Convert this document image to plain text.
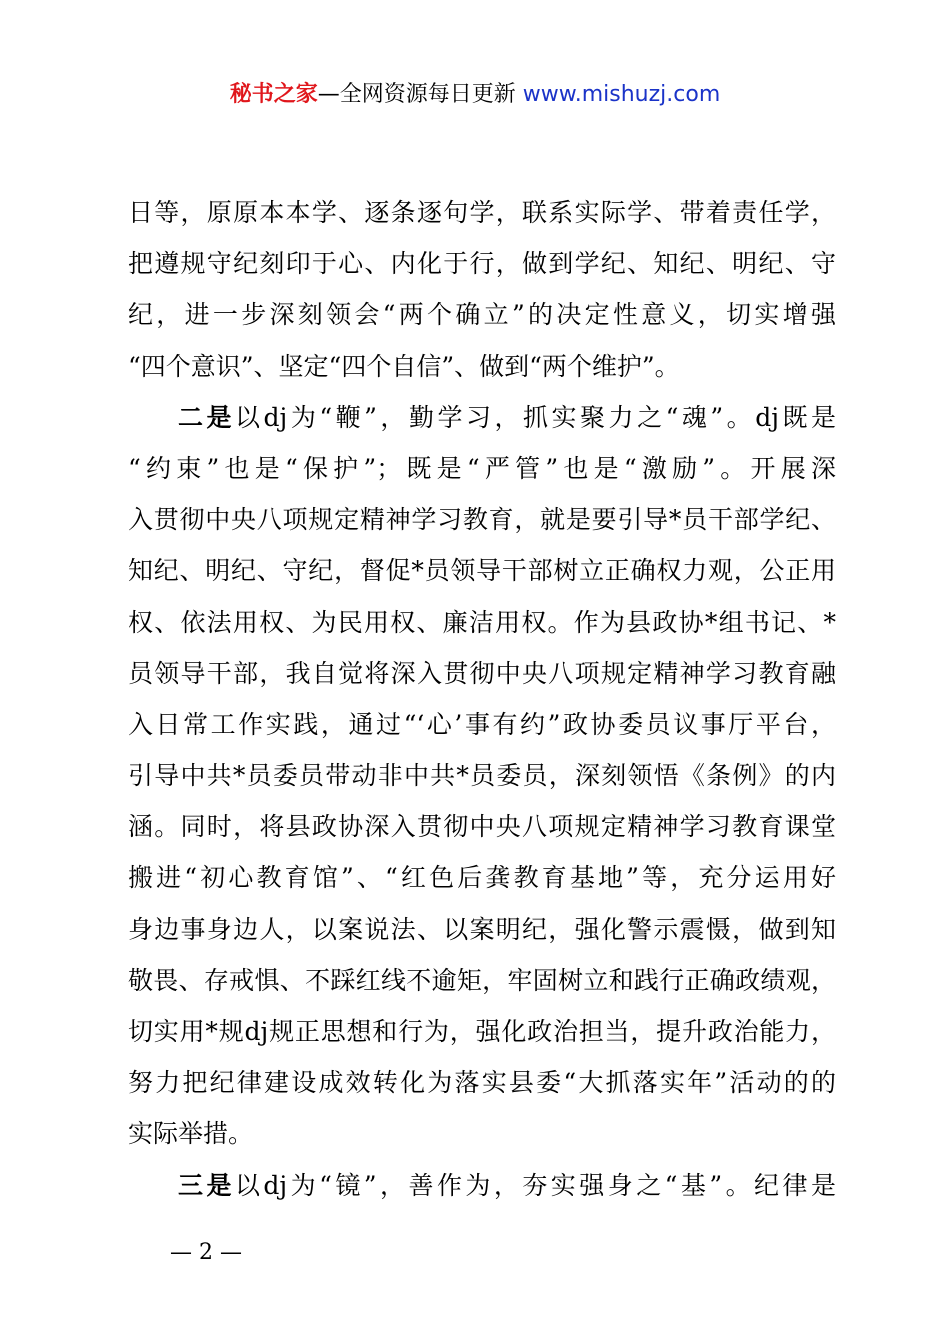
秘书之家—全网资源每日更新 www.mishuzj.com
日等，原原本本学、逐条逐句学，联系实际学、带着责任学，
把遵规守纪刻印于心、内化于行，做到学纪、知纪、明纪、守
纪，进一步深刻领会“两个确立”的决定性意义，切实增强
“四个意识”、坚定“四个自信”、做到“两个维护”。
二是以dj为“鞭”，勤学习，抓实聚力之“魂”。dj既是
“约束”也是“保护”；既是“严管”也是“激励”。开展深
入贯彻中央八项规定精神学习教育，就是要引导*员干部学纪、
知纪、明纪、守纪，督促*员领导干部树立正确权力观，公正用
权、依法用权、为民用权、廉洁用权。作为县政协*组书记、*
员领导干部，我自觉将深入贯彻中央八项规定精神学习教育融
入日常工作实践，通过“‘心’事有约”政协委员议事厅平台，
引导中共*员委员带动非中共*员委员，深刻领悟《条例》的内
涵。同时，将县政协深入贯彻中央八项规定精神学习教育课堂
搬进“初心教育馆”、“红色后龚教育基地”等，充分运用好
身边事身边人，以案说法、以案明纪，强化警示震慑，做到知
敬畏、存戒惧、不踩红线不逾矩，牢固树立和践行正确政绩观，
切实用*规dj规正思想和行为，强化政治担当，提升政治能力，
努力把纪律建设成效转化为落实县委“大抓落实年”活动的的
实际举措。
三是以dj为“镜”，善作为，夯实强身之“基”。纪律是
— 2 —
